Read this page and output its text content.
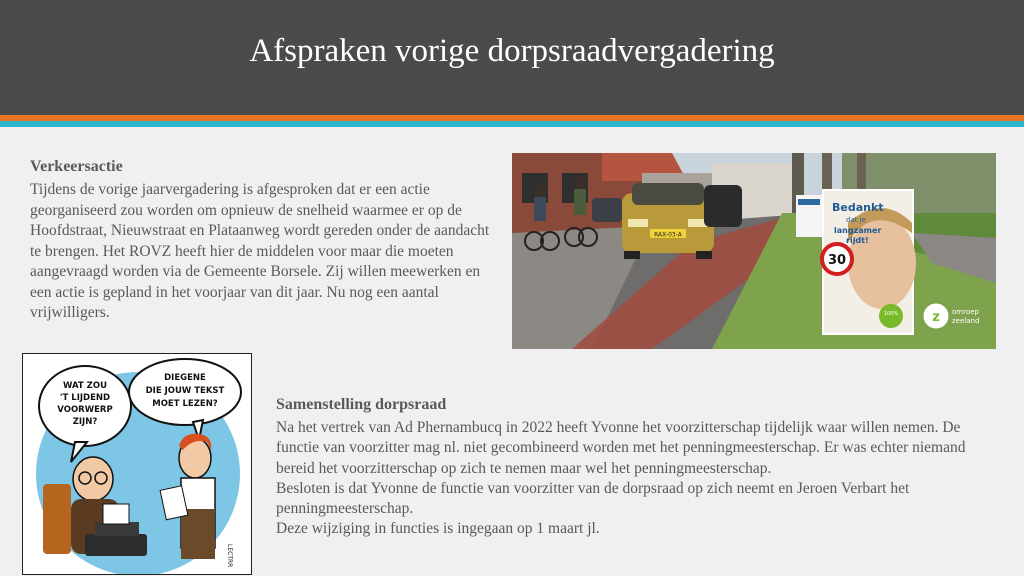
Afspraken vorige dorpsraadvergadering
Verkeersactie
Tijdens de vorige jaarvergadering is afgesproken dat er een actie georganiseerd zou worden om opnieuw de snelheid waarmee er op de Hoofdstraat, Nieuwstraat en Plataanweg wordt gereden onder de aandacht te brengen. Het ROVZ heeft hier de middelen voor maar die moeten aangevraagd worden via de Gemeente Borsele. Zij willen meewerken en een actie is gepland in het voorjaar van dit jaar. Nu nog een aantal vrijwilligers.
RAX-03-A
Bedankt
dat je
langzamer
rijdt!
30
100%	z omroep
zeeland
WAT ZOU
'T LIJDEND
VOORWERP
ZIJN?
DIEGENE
DIE JOUW TEKST
MOET LEZEN?
LECTRR
Samenstelling dorpsraad

Na het vertrek van Ad Phernambucq in 2022 heeft Yvonne het voorzitterschap tijdelijk waar willen nemen. De functie van voorzitter mag nl. niet gecombineerd worden met het penningmeesterschap. Er was echter niemand bereid het voorzitterschap op zich te nemen maar wel het penningmeesterschap.

Besloten is dat Yvonne de functie van voorzitter van de dorpsraad op zich neemt en Jeroen Verbart het penningmeesterschap.

Deze wijziging in functies is ingegaan op 1 maart jl.
